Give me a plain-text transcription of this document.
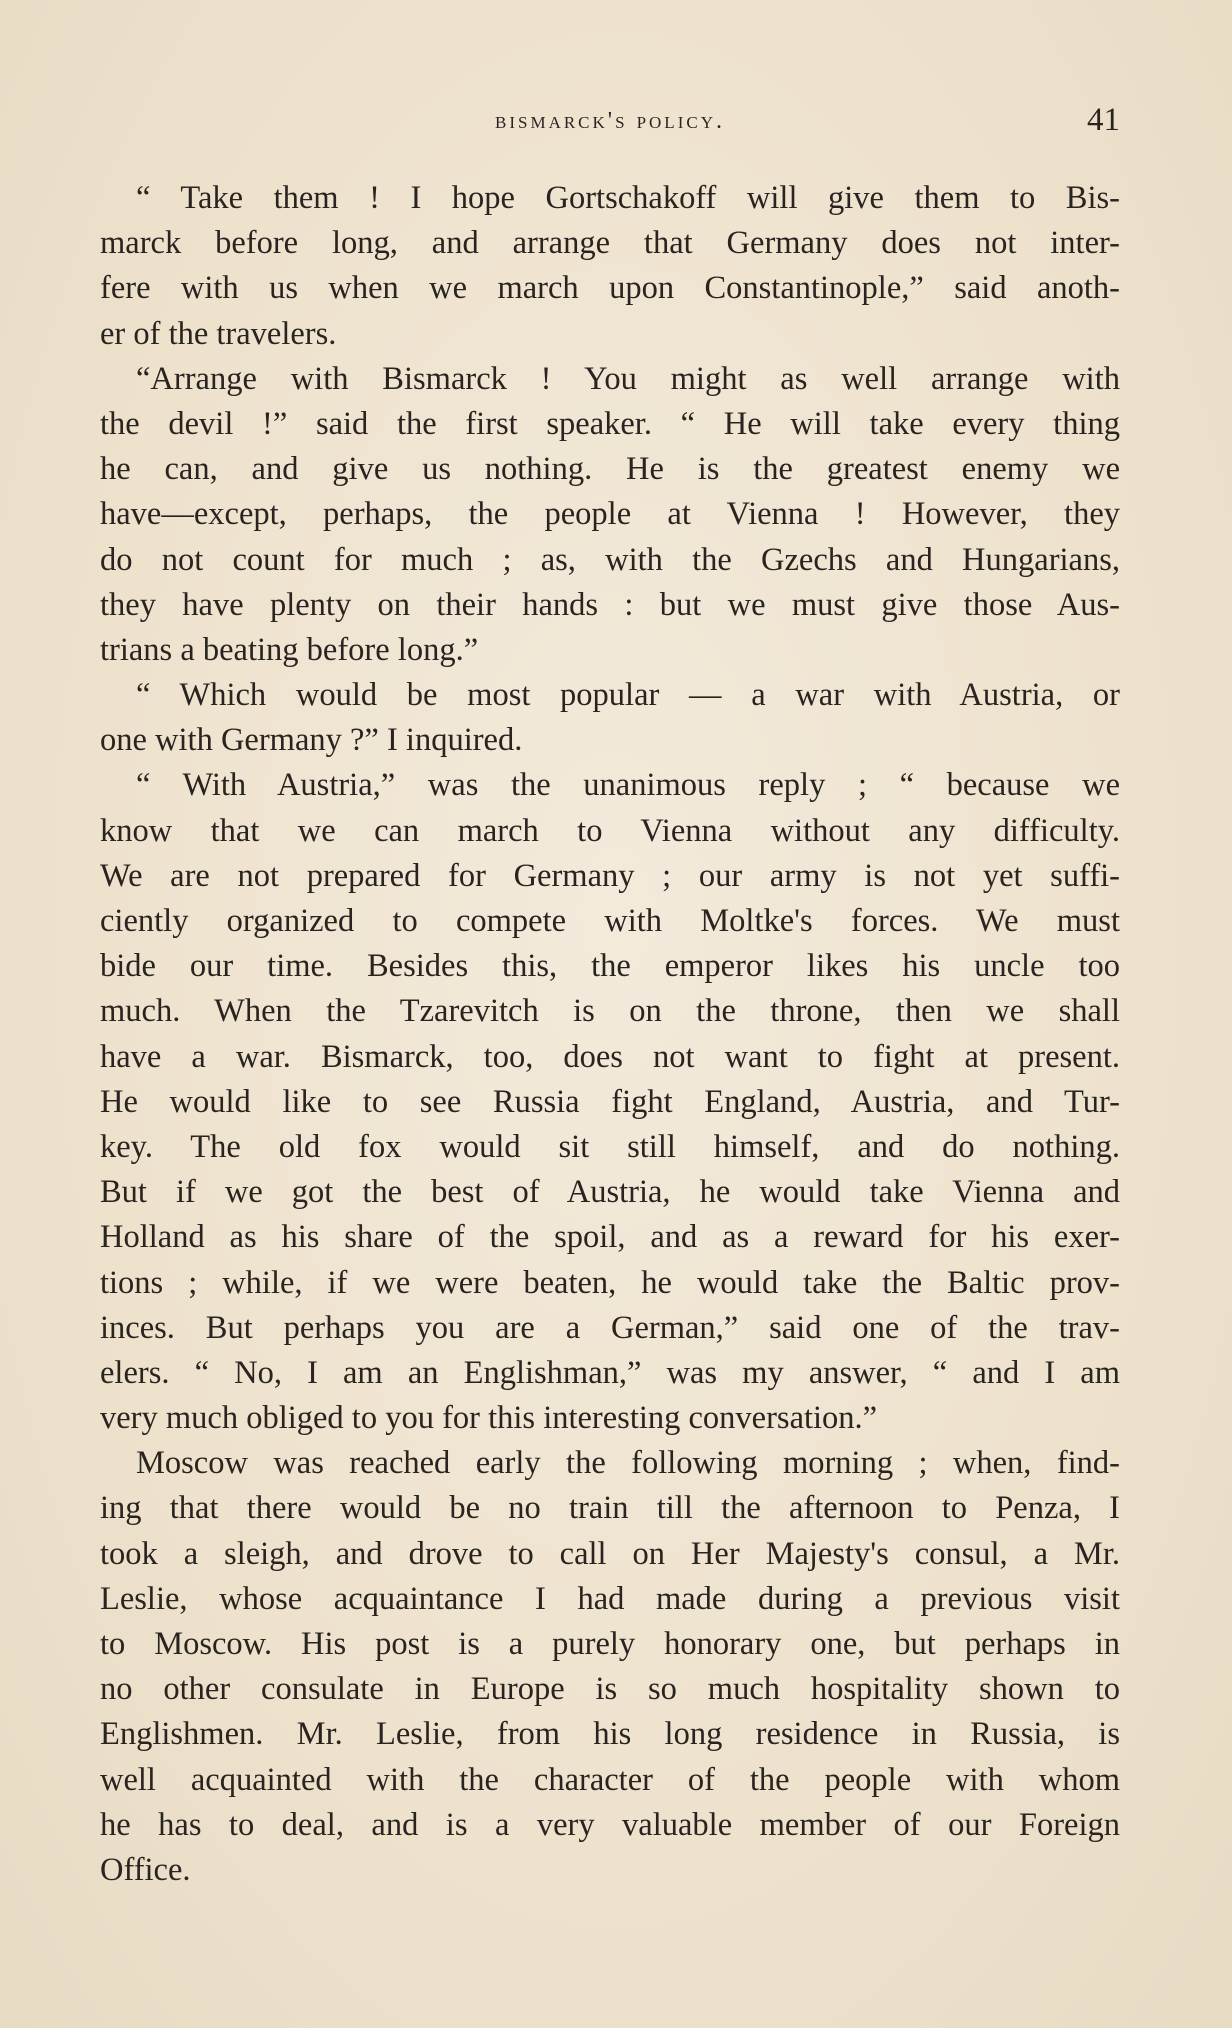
bismarck's policy.	41
“ Take them ! I hope Gortschakoff will give them to Bis-
marck before long, and arrange that Germany does not inter-
fere with us when we march upon Constantinople,” said anoth-
er of the travelers.
“Arrange with Bismarck ! You might as well arrange with
the devil !” said the first speaker. “ He will take every thing
he can, and give us nothing. He is the greatest enemy we
have—except, perhaps, the people at Vienna ! However, they
do not count for much ; as, with the Gzechs and Hungarians,
they have plenty on their hands : but we must give those Aus-
trians a beating before long.”
“ Which would be most popular — a war with Austria, or
one with Germany ?” I inquired.
“ With Austria,” was the unanimous reply ; “ because we
know that we can march to Vienna without any difficulty.
We are not prepared for Germany ; our army is not yet suffi-
ciently organized to compete with Moltke's forces. We must
bide our time. Besides this, the emperor likes his uncle too
much. When the Tzarevitch is on the throne, then we shall
have a war. Bismarck, too, does not want to fight at present.
He would like to see Russia fight England, Austria, and Tur-
key. The old fox would sit still himself, and do nothing.
But if we got the best of Austria, he would take Vienna and
Holland as his share of the spoil, and as a reward for his exer-
tions ; while, if we were beaten, he would take the Baltic prov-
inces. But perhaps you are a German,” said one of the trav-
elers. “ No, I am an Englishman,” was my answer, “ and I am
very much obliged to you for this interesting conversation.”
Moscow was reached early the following morning ; when, find-
ing that there would be no train till the afternoon to Penza, I
took a sleigh, and drove to call on Her Majesty's consul, a Mr.
Leslie, whose acquaintance I had made during a previous visit
to Moscow. His post is a purely honorary one, but perhaps in
no other consulate in Europe is so much hospitality shown to
Englishmen. Mr. Leslie, from his long residence in Russia, is
well acquainted with the character of the people with whom
he has to deal, and is a very valuable member of our Foreign
Office.
